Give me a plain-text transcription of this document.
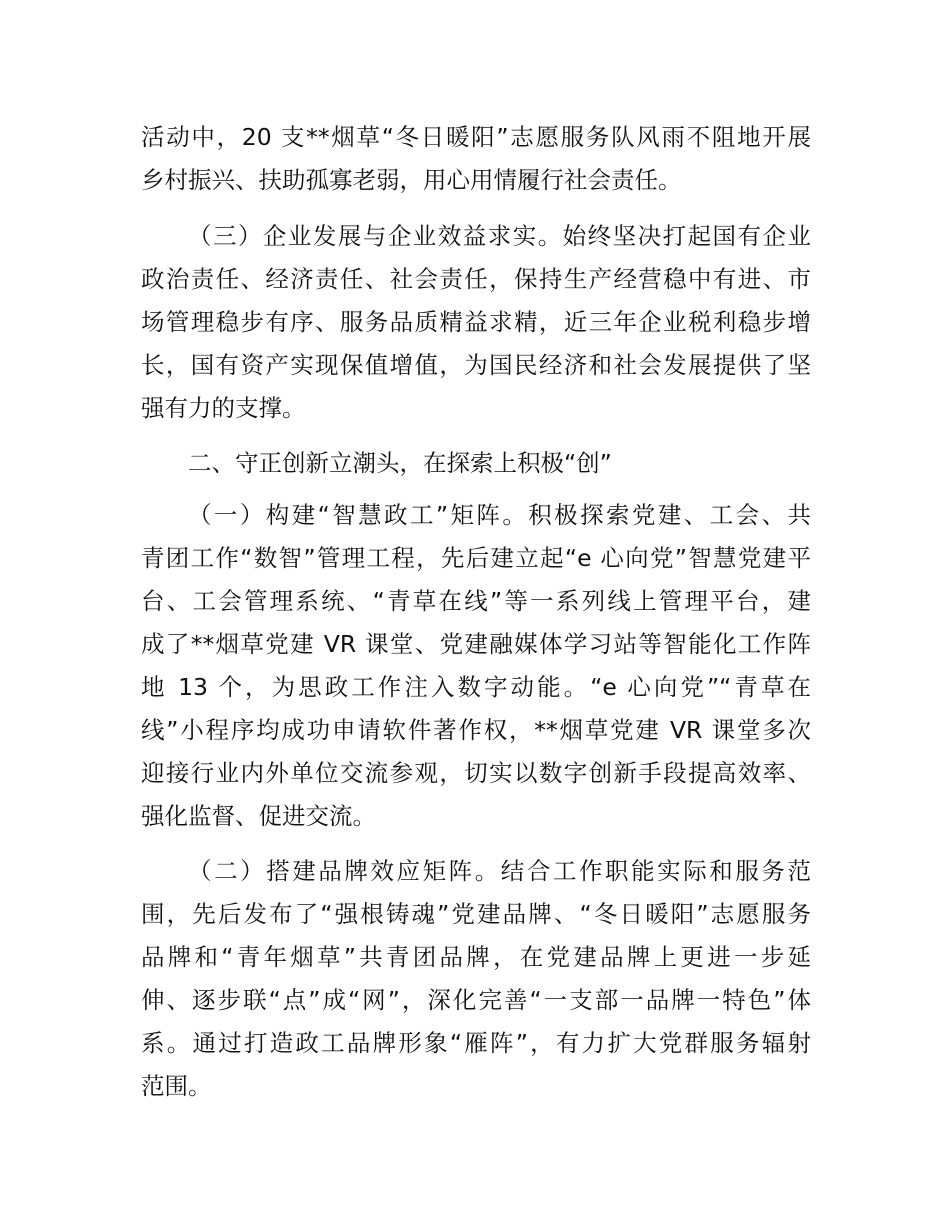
活动中，20 支**烟草“冬日暖阳”志愿服务队风雨不阻地开展
乡村振兴、扶助孤寡老弱，用心用情履行社会责任。
（三）企业发展与企业效益求实。始终坚决打起国有企业
政治责任、经济责任、社会责任，保持生产经营稳中有进、市
场管理稳步有序、服务品质精益求精，近三年企业税利稳步增
长，国有资产实现保值增值，为国民经济和社会发展提供了坚
强有力的支撑。
二、守正创新立潮头，在探索上积极“创”
（一）构建“智慧政工”矩阵。积极探索党建、工会、共
青团工作“数智”管理工程，先后建立起“e 心向党”智慧党建平
台、工会管理系统、“青草在线”等一系列线上管理平台，建
成了**烟草党建 VR 课堂、党建融媒体学习站等智能化工作阵
地 13 个，为思政工作注入数字动能。“e 心向党”“青草在
线”小程序均成功申请软件著作权，**烟草党建 VR 课堂多次
迎接行业内外单位交流参观，切实以数字创新手段提高效率、
强化监督、促进交流。
（二）搭建品牌效应矩阵。结合工作职能实际和服务范
围，先后发布了“强根铸魂”党建品牌、“冬日暖阳”志愿服务
品牌和“青年烟草”共青团品牌，在党建品牌上更进一步延
伸、逐步联“点”成“网”，深化完善“一支部一品牌一特色”体
系。通过打造政工品牌形象“雁阵”，有力扩大党群服务辐射
范围。
